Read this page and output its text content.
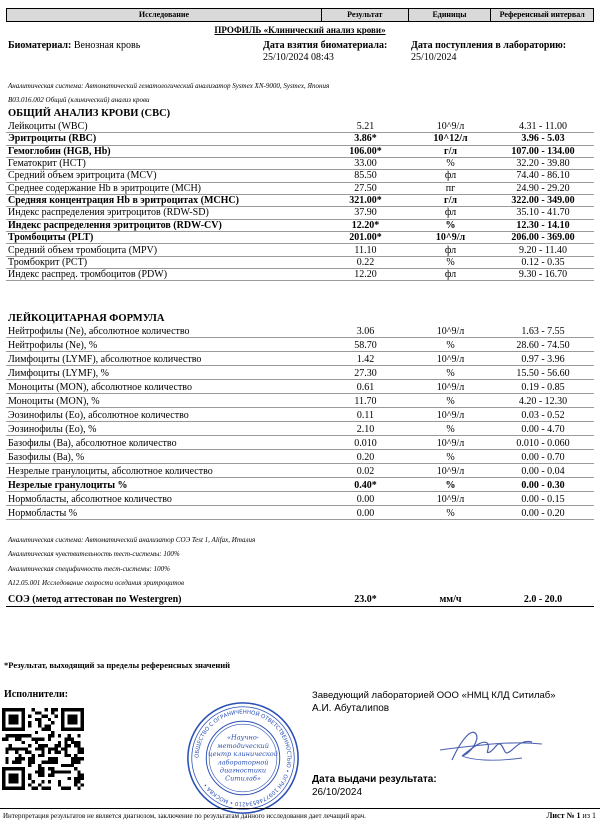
Исследование	Результат	Единицы	Референсный интервал
ПРОФИЛЬ «Клинический анализ крови»
Биоматериал: Венозная кровь	Дата взятия биоматериала:
25/10/2024 08:43
Дата поступления в лабораторию:
25/10/2024
Аналитическая система: Автоматический гематологический анализатор Sysmex XN-9000, Sysmex, Япония
B03.016.002 Общий (клинический) анализ крови
ОБЩИЙ АНАЛИЗ КРОВИ (CBC)
Лейкоциты (WBC)	5.21	10^9/л	4.31 - 11.00
Эритроциты (RBC)	3.86*	10^12/л	3.96 - 5.03
Гемоглобин (HGB, Hb)	106.00*	г/л	107.00 - 134.00
Гематокрит (HCT)	33.00	%	32.20 - 39.80
Средний объем эритроцита (MCV)	85.50	фл	74.40 - 86.10
Среднее содержание Hb в эритроците (MCH)	27.50	пг	24.90 - 29.20
Средняя концентрация Hb в эритроцитах (MCHC)	321.00*	г/л	322.00 - 349.00
Индекс распределения эритроцитов (RDW-SD)	37.90	фл	35.10 - 41.70
Индекс распределения эритроцитов (RDW-CV)	12.20*	%	12.30 - 14.10
Тромбоциты (PLT)	201.00*	10^9/л	206.00 - 369.00
Средний объем тромбоцита (MPV)	11.10	фл	9.20 - 11.40
Тромбокрит (PCT)	0.22	%	0.12 - 0.35
Индекс распред. тромбоцитов (PDW)	12.20	фл	9.30 - 16.70
ЛЕЙКОЦИТАРНАЯ ФОРМУЛА
Нейтрофилы (Ne), абсолютное количество	3.06	10^9/л	1.63 - 7.55
Нейтрофилы (Ne), %	58.70	%	28.60 - 74.50
Лимфоциты (LYMF), абсолютное количество	1.42	10^9/л	0.97 - 3.96
Лимфоциты (LYMF), %	27.30	%	15.50 - 56.60
Моноциты (MON), абсолютное количество	0.61	10^9/л	0.19 - 0.85
Моноциты (MON), %	11.70	%	4.20 - 12.30
Эозинофилы (Eo), абсолютное количество	0.11	10^9/л	0.03 - 0.52
Эозинофилы (Eo), %	2.10	%	0.00 - 4.70
Базофилы (Ba), абсолютное количество	0.010	10^9/л	0.010 - 0.060
Базофилы (Ba), %	0.20	%	0.00 - 0.70
Незрелые гранулоциты, абсолютное количество	0.02	10^9/л	0.00 - 0.04
Незрелые гранулоциты %	0.40*	%	0.00 - 0.30
Нормобласты, абсолютное количество	0.00	10^9/л	0.00 - 0.15
Нормобласты %	0.00	%	0.00 - 0.20
Аналитическая система: Автоматический анализатор СОЭ Test 1, Alifax, Италия
Аналитическая чувствительность тест-системы: 100%
Аналитическая специфичность тест-системы: 100%
A12.05.001 Исследование скорости оседания эритроцитов
СОЭ (метод аттестован по Westergren)	23.0*	мм/ч	2.0 - 20.0
*Результат, выходящий за пределы референсных значений
Исполнители:
ОБЩЕСТВО С ОГРАНИЧЕННОЙ ОТВЕТСТВЕННОСТЬЮ • ОГРН 1097746534210 • МОСКВА •
«Научно-
методический
центр клинической
лабораторной
диагностики
Ситилаб»
Заведующий лабораторией ООО «НМЦ КЛД Ситилаб»
А.И. Абуталипов
Дата выдачи результата:
26/10/2024
Интерпретация результатов не является диагнозом, заключение по результатам данного исследования дает лечащий врач.	Лист № 1 из 1
